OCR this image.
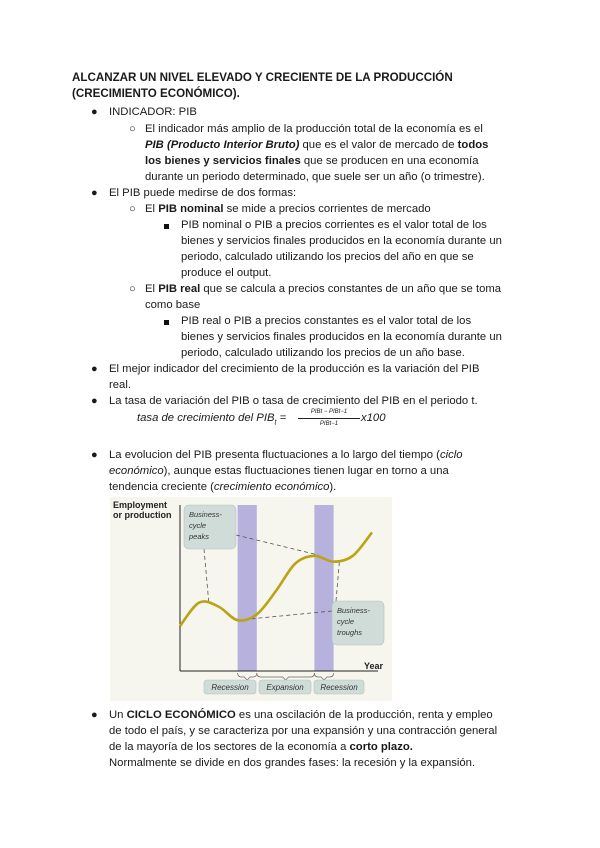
ALCANZAR UN NIVEL ELEVADO Y CRECIENTE DE LA PRODUCCIÓN
(CRECIMIENTO ECONÓMICO).
● INDICADOR: PIB
○ El indicador más amplio de la producción total de la economía es el
PIB (Producto Interior Bruto) que es el valor de mercado de todos
los bienes y servicios finales que se producen en una economía
durante un periodo determinado, que suele ser un año (o trimestre).
● El PIB puede medirse de dos formas:
○ El PIB nominal se mide a precios corrientes de mercado
PIB nominal o PIB a precios corrientes es el valor total de los
bienes y servicios finales producidos en la economía durante un
periodo, calculado utilizando los precios del año en que se
produce el output.
○ El PIB real que se calcula a precios constantes de un año que se toma
como base
PIB real o PIB a precios constantes es el valor total de los
bienes y servicios finales producidos en la economía durante un
periodo, calculado utilizando los precios de un año base.
● El mejor indicador del crecimiento de la producción es la variación del PIB
real.
● La tasa de variación del PIB o tasa de crecimiento del PIB en el periodo t.
tasa de crecimiento del $PIB_t$ =	PIBt − PIBt−1
PIBt−1	x100
● La evolucion del PIB presenta fluctuaciones a lo largo del tiempo (ciclo
económico), aunque estas fluctuaciones tienen lugar en torno a una
tendencia creciente (crecimiento económico).
Employment
or production
Year
Business-
cycle
peaks
Business-
cycle
troughs
Recession Expansion Recession
● Un CICLO ECONÓMICO es una oscilación de la producción, renta y empleo
de todo el país, y se caracteriza por una expansión y una contracción general
de la mayoría de los sectores de la economía a corto plazo.
Normalmente se divide en dos grandes fases: la recesión y la expansión.
